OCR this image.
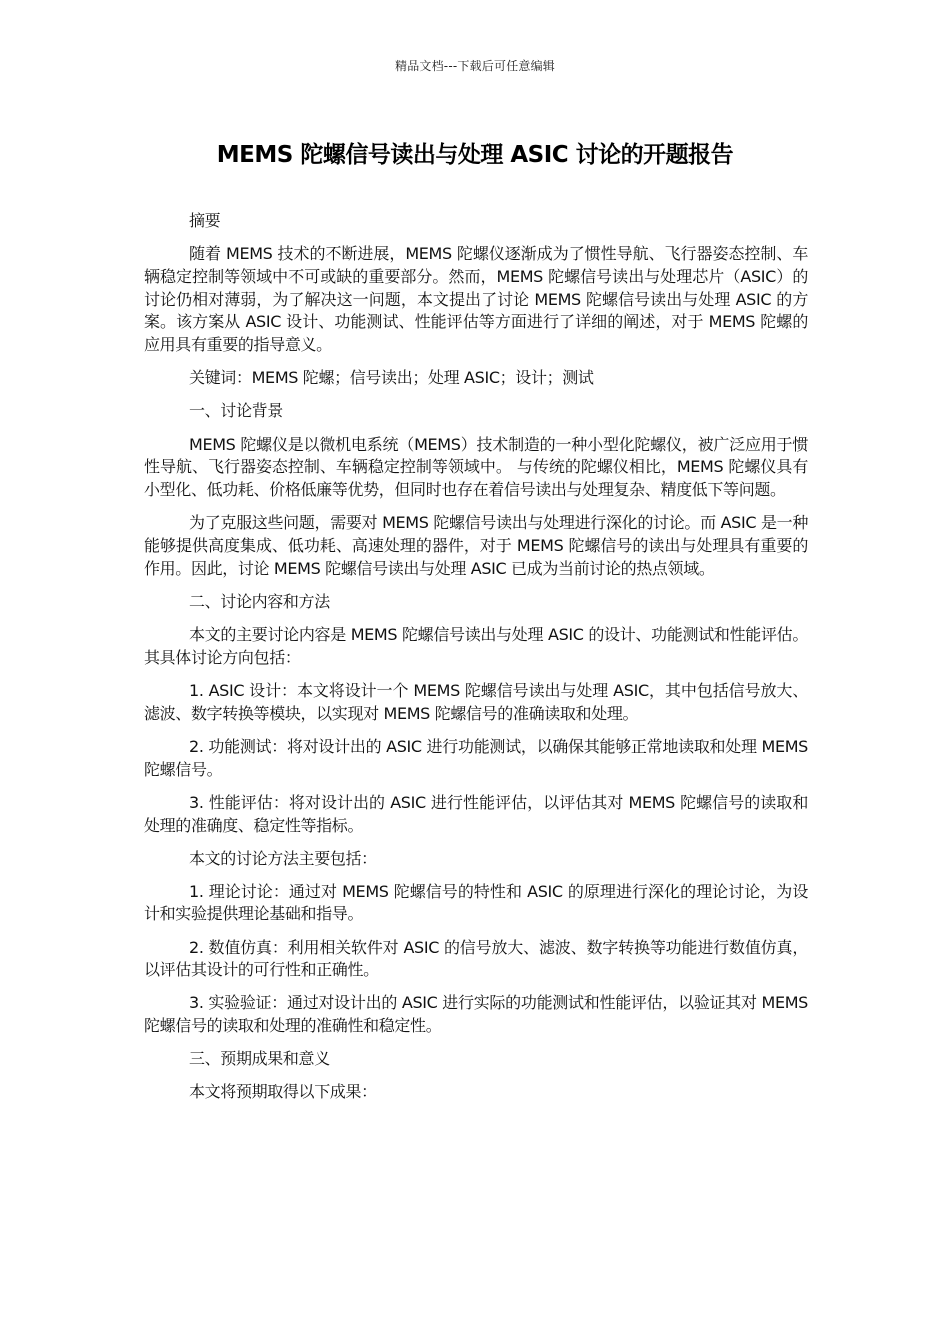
精品文档---下载后可任意编辑
MEMS 陀螺信号读出与处理 ASIC 讨论的开题报告

摘要

随着 MEMS 技术的不断进展，MEMS 陀螺仪逐渐成为了惯性导航、飞行器姿态控制、车辆稳定控制等领域中不可或缺的重要部分。然而，MEMS 陀螺信号读出与处理芯片（ASIC）的讨论仍相对薄弱，为了解决这一问题，本文提出了讨论 MEMS 陀螺信号读出与处理 ASIC 的方案。该方案从 ASIC 设计、功能测试、性能评估等方面进行了详细的阐述，对于 MEMS 陀螺的应用具有重要的指导意义。

关键词：MEMS 陀螺；信号读出；处理 ASIC；设计；测试

一、讨论背景

MEMS 陀螺仪是以微机电系统（MEMS）技术制造的一种小型化陀螺仪，被广泛应用于惯性导航、飞行器姿态控制、车辆稳定控制等领域中。 与传统的陀螺仪相比，MEMS 陀螺仪具有小型化、低功耗、价格低廉等优势，但同时也存在着信号读出与处理复杂、精度低下等问题。

为了克服这些问题，需要对 MEMS 陀螺信号读出与处理进行深化的讨论。而 ASIC 是一种能够提供高度集成、低功耗、高速处理的器件，对于 MEMS 陀螺信号的读出与处理具有重要的作用。因此，讨论 MEMS 陀螺信号读出与处理 ASIC 已成为当前讨论的热点领域。

二、讨论内容和方法

本文的主要讨论内容是 MEMS 陀螺信号读出与处理 ASIC 的设计、功能测试和性能评估。其具体讨论方向包括：

1. ASIC 设计：本文将设计一个 MEMS 陀螺信号读出与处理 ASIC，其中包括信号放大、滤波、数字转换等模块，以实现对 MEMS 陀螺信号的准确读取和处理。

2. 功能测试：将对设计出的 ASIC 进行功能测试，以确保其能够正常地读取和处理 MEMS 陀螺信号。

3. 性能评估：将对设计出的 ASIC 进行性能评估，以评估其对 MEMS 陀螺信号的读取和处理的准确度、稳定性等指标。

本文的讨论方法主要包括：

1. 理论讨论：通过对 MEMS 陀螺信号的特性和 ASIC 的原理进行深化的理论讨论，为设计和实验提供理论基础和指导。

2. 数值仿真：利用相关软件对 ASIC 的信号放大、滤波、数字转换等功能进行数值仿真，以评估其设计的可行性和正确性。

3. 实验验证：通过对设计出的 ASIC 进行实际的功能测试和性能评估，以验证其对 MEMS 陀螺信号的读取和处理的准确性和稳定性。

三、预期成果和意义

本文将预期取得以下成果：
